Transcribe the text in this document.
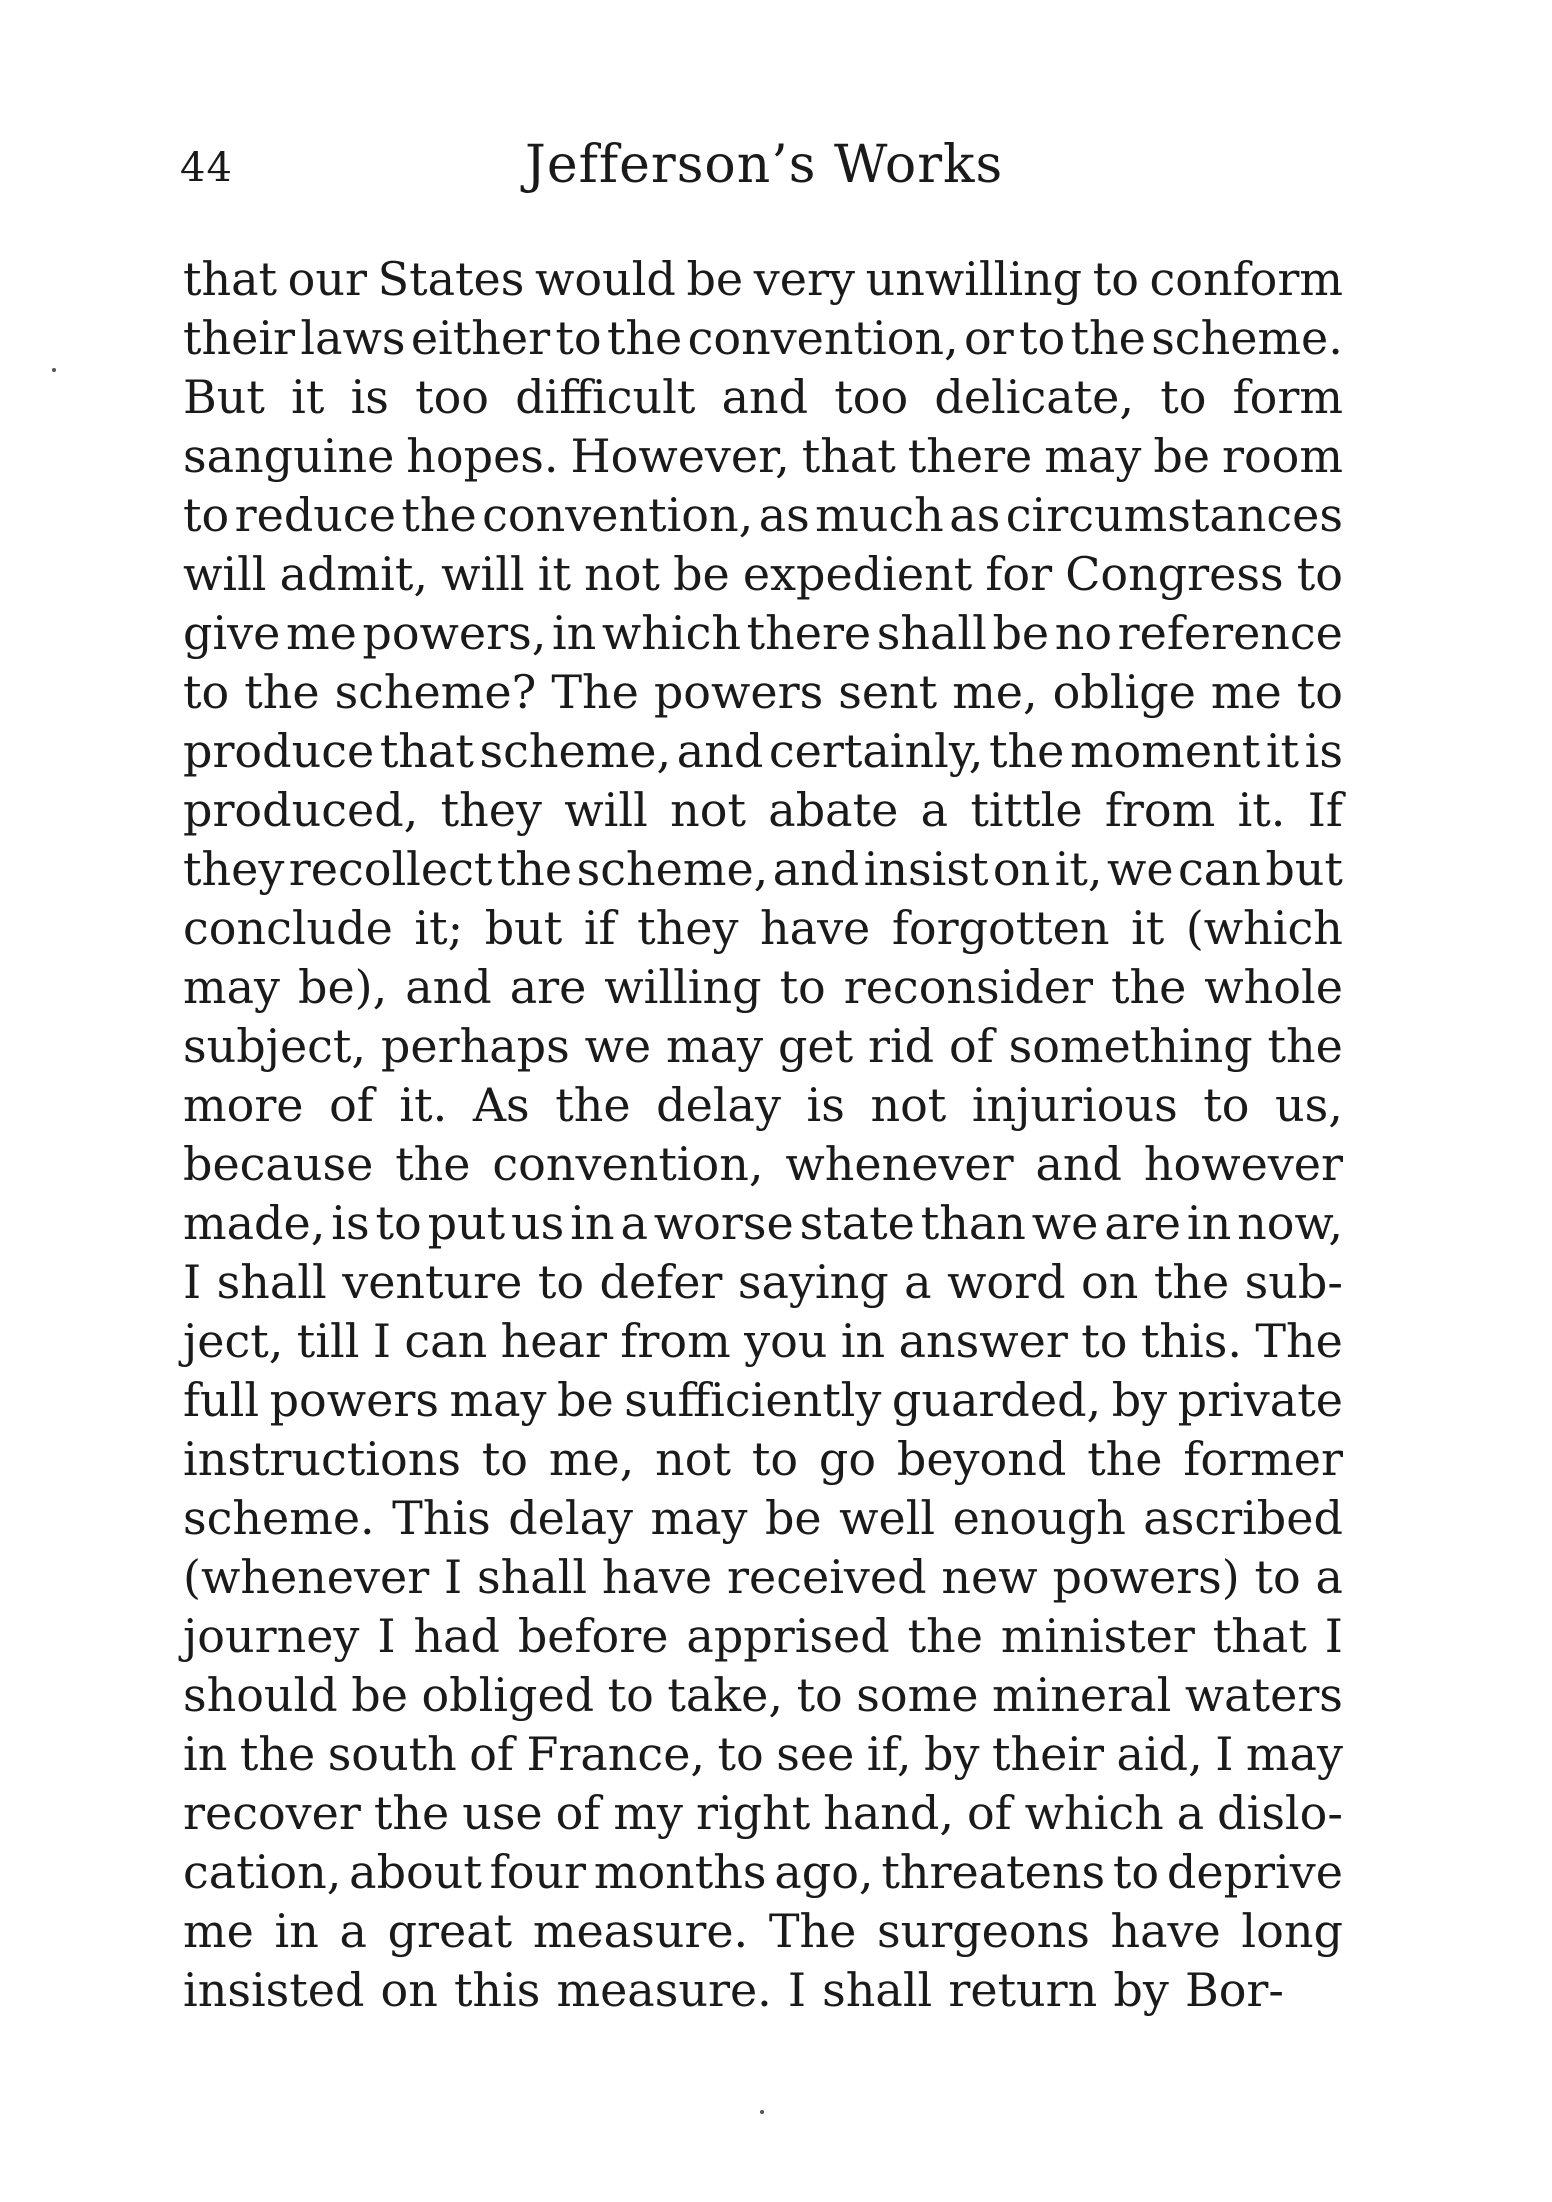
44	Jefferson’s Works
that our States would be very unwilling to conform
their laws either to the convention, or to the scheme.
But it is too difficult and too delicate, to form
sanguine hopes. However, that there may be room
to reduce the convention, as much as circumstances
will admit, will it not be expedient for Congress to
give me powers, in which there shall be no reference
to the scheme? The powers sent me, oblige me to
produce that scheme, and certainly, the moment it is
produced, they will not abate a tittle from it. If
they recollect the scheme, and insist on it, we can but
conclude it; but if they have forgotten it (which
may be), and are willing to reconsider the whole
subject, perhaps we may get rid of something the
more of it. As the delay is not injurious to us,
because the convention, whenever and however
made, is to put us in a worse state than we are in now,
I shall venture to defer saying a word on the sub-
ject, till I can hear from you in answer to this. The
full powers may be sufficiently guarded, by private
instructions to me, not to go beyond the former
scheme. This delay may be well enough ascribed
(whenever I shall have received new powers) to a
journey I had before apprised the minister that I
should be obliged to take, to some mineral waters
in the south of France, to see if, by their aid, I may
recover the use of my right hand, of which a dislo-
cation, about four months ago, threatens to deprive
me in a great measure. The surgeons have long
insisted on this measure. I shall return by Bor-
